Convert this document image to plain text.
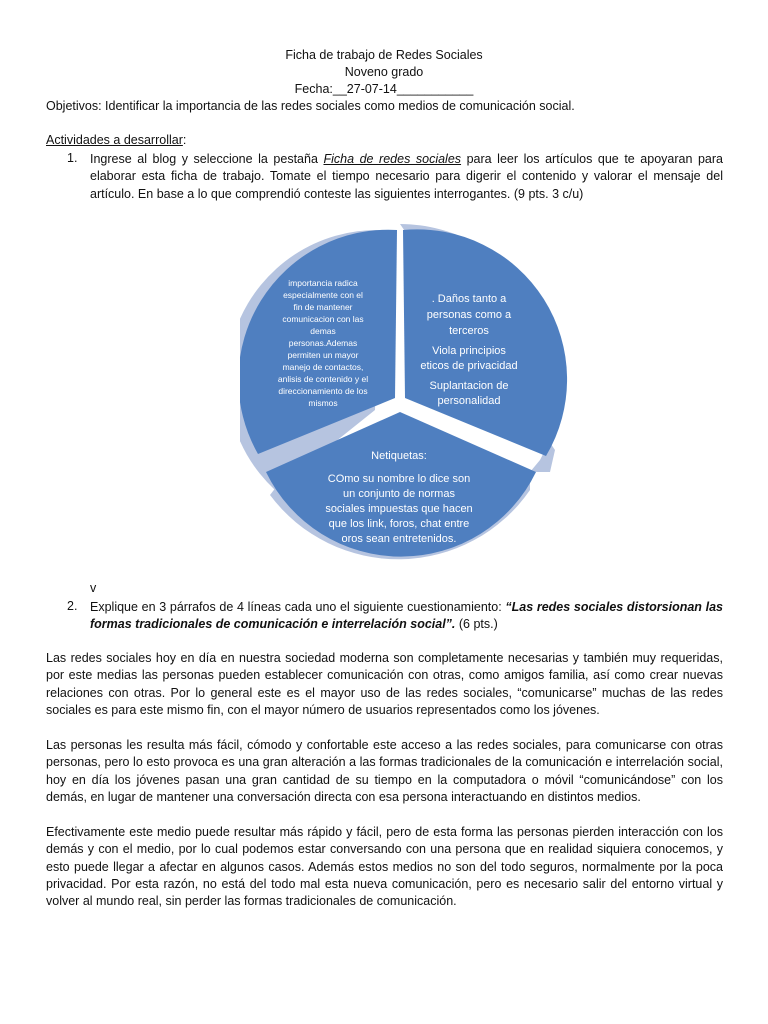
Ficha de trabajo de Redes Sociales
Noveno grado
Fecha:__27-07-14___________
Objetivos: Identificar la importancia de las redes sociales como medios de comunicación social.
Actividades a desarrollar:
1. Ingrese al blog y seleccione la pestaña Ficha de redes sociales para leer los artículos que te apoyaran para elaborar esta ficha de trabajo. Tomate el tiempo necesario para digerir el contenido y valorar el mensaje del artículo. En base a lo que comprendió conteste las siguientes interrogantes. (9 pts. 3 c/u)
importancia radica
especialmente con el
fin de mantener
comunicacion con las
demas
personas.Ademas
permiten un mayor
manejo de contactos,
anlisis de contenido y el
direccionamiento de los
mismos
. Daños tanto a
personas como a
terceros
Viola principios
eticos de privacidad
Suplantacion de
personalidad
Netiquetas:
COmo su nombre lo dice son
un conjunto de normas
sociales impuestas que hacen
que los link, foros, chat entre
oros sean entretenidos.
v
2. Explique en 3 párrafos de 4 líneas cada uno el siguiente cuestionamiento: “Las redes sociales distorsionan las formas tradicionales de comunicación e interrelación social”. (6 pts.)
Las redes sociales hoy en día en nuestra sociedad moderna son completamente necesarias y también muy requeridas, por este medias las personas pueden establecer comunicación con otras, como amigos familia, así como crear nuevas relaciones con otras. Por lo general este es el mayor uso de las redes sociales, “comunicarse” muchas de las redes sociales es para este mismo fin, con el mayor número de usuarios representados como los jóvenes.
Las personas les resulta más fácil, cómodo y confortable este acceso a las redes sociales, para comunicarse con otras personas, pero lo esto provoca es una gran alteración a las formas tradicionales de la comunicación e interrelación social, hoy en día los jóvenes pasan una gran cantidad de su tiempo en la computadora o móvil “comunicándose” con los demás, en lugar de mantener una conversación directa con esa persona interactuando en distintos medios.
Efectivamente este medio puede resultar más rápido y fácil, pero de esta forma las personas pierden interacción con los demás y con el medio, por lo cual podemos estar conversando con una persona que en realidad siquiera conocemos, y esto puede llegar a afectar en algunos casos. Además estos medios no son del todo seguros, normalmente por la poca privacidad. Por esta razón, no está del todo mal esta nueva comunicación, pero es necesario salir del entorno virtual y volver al mundo real, sin perder las formas tradicionales de comunicación.
